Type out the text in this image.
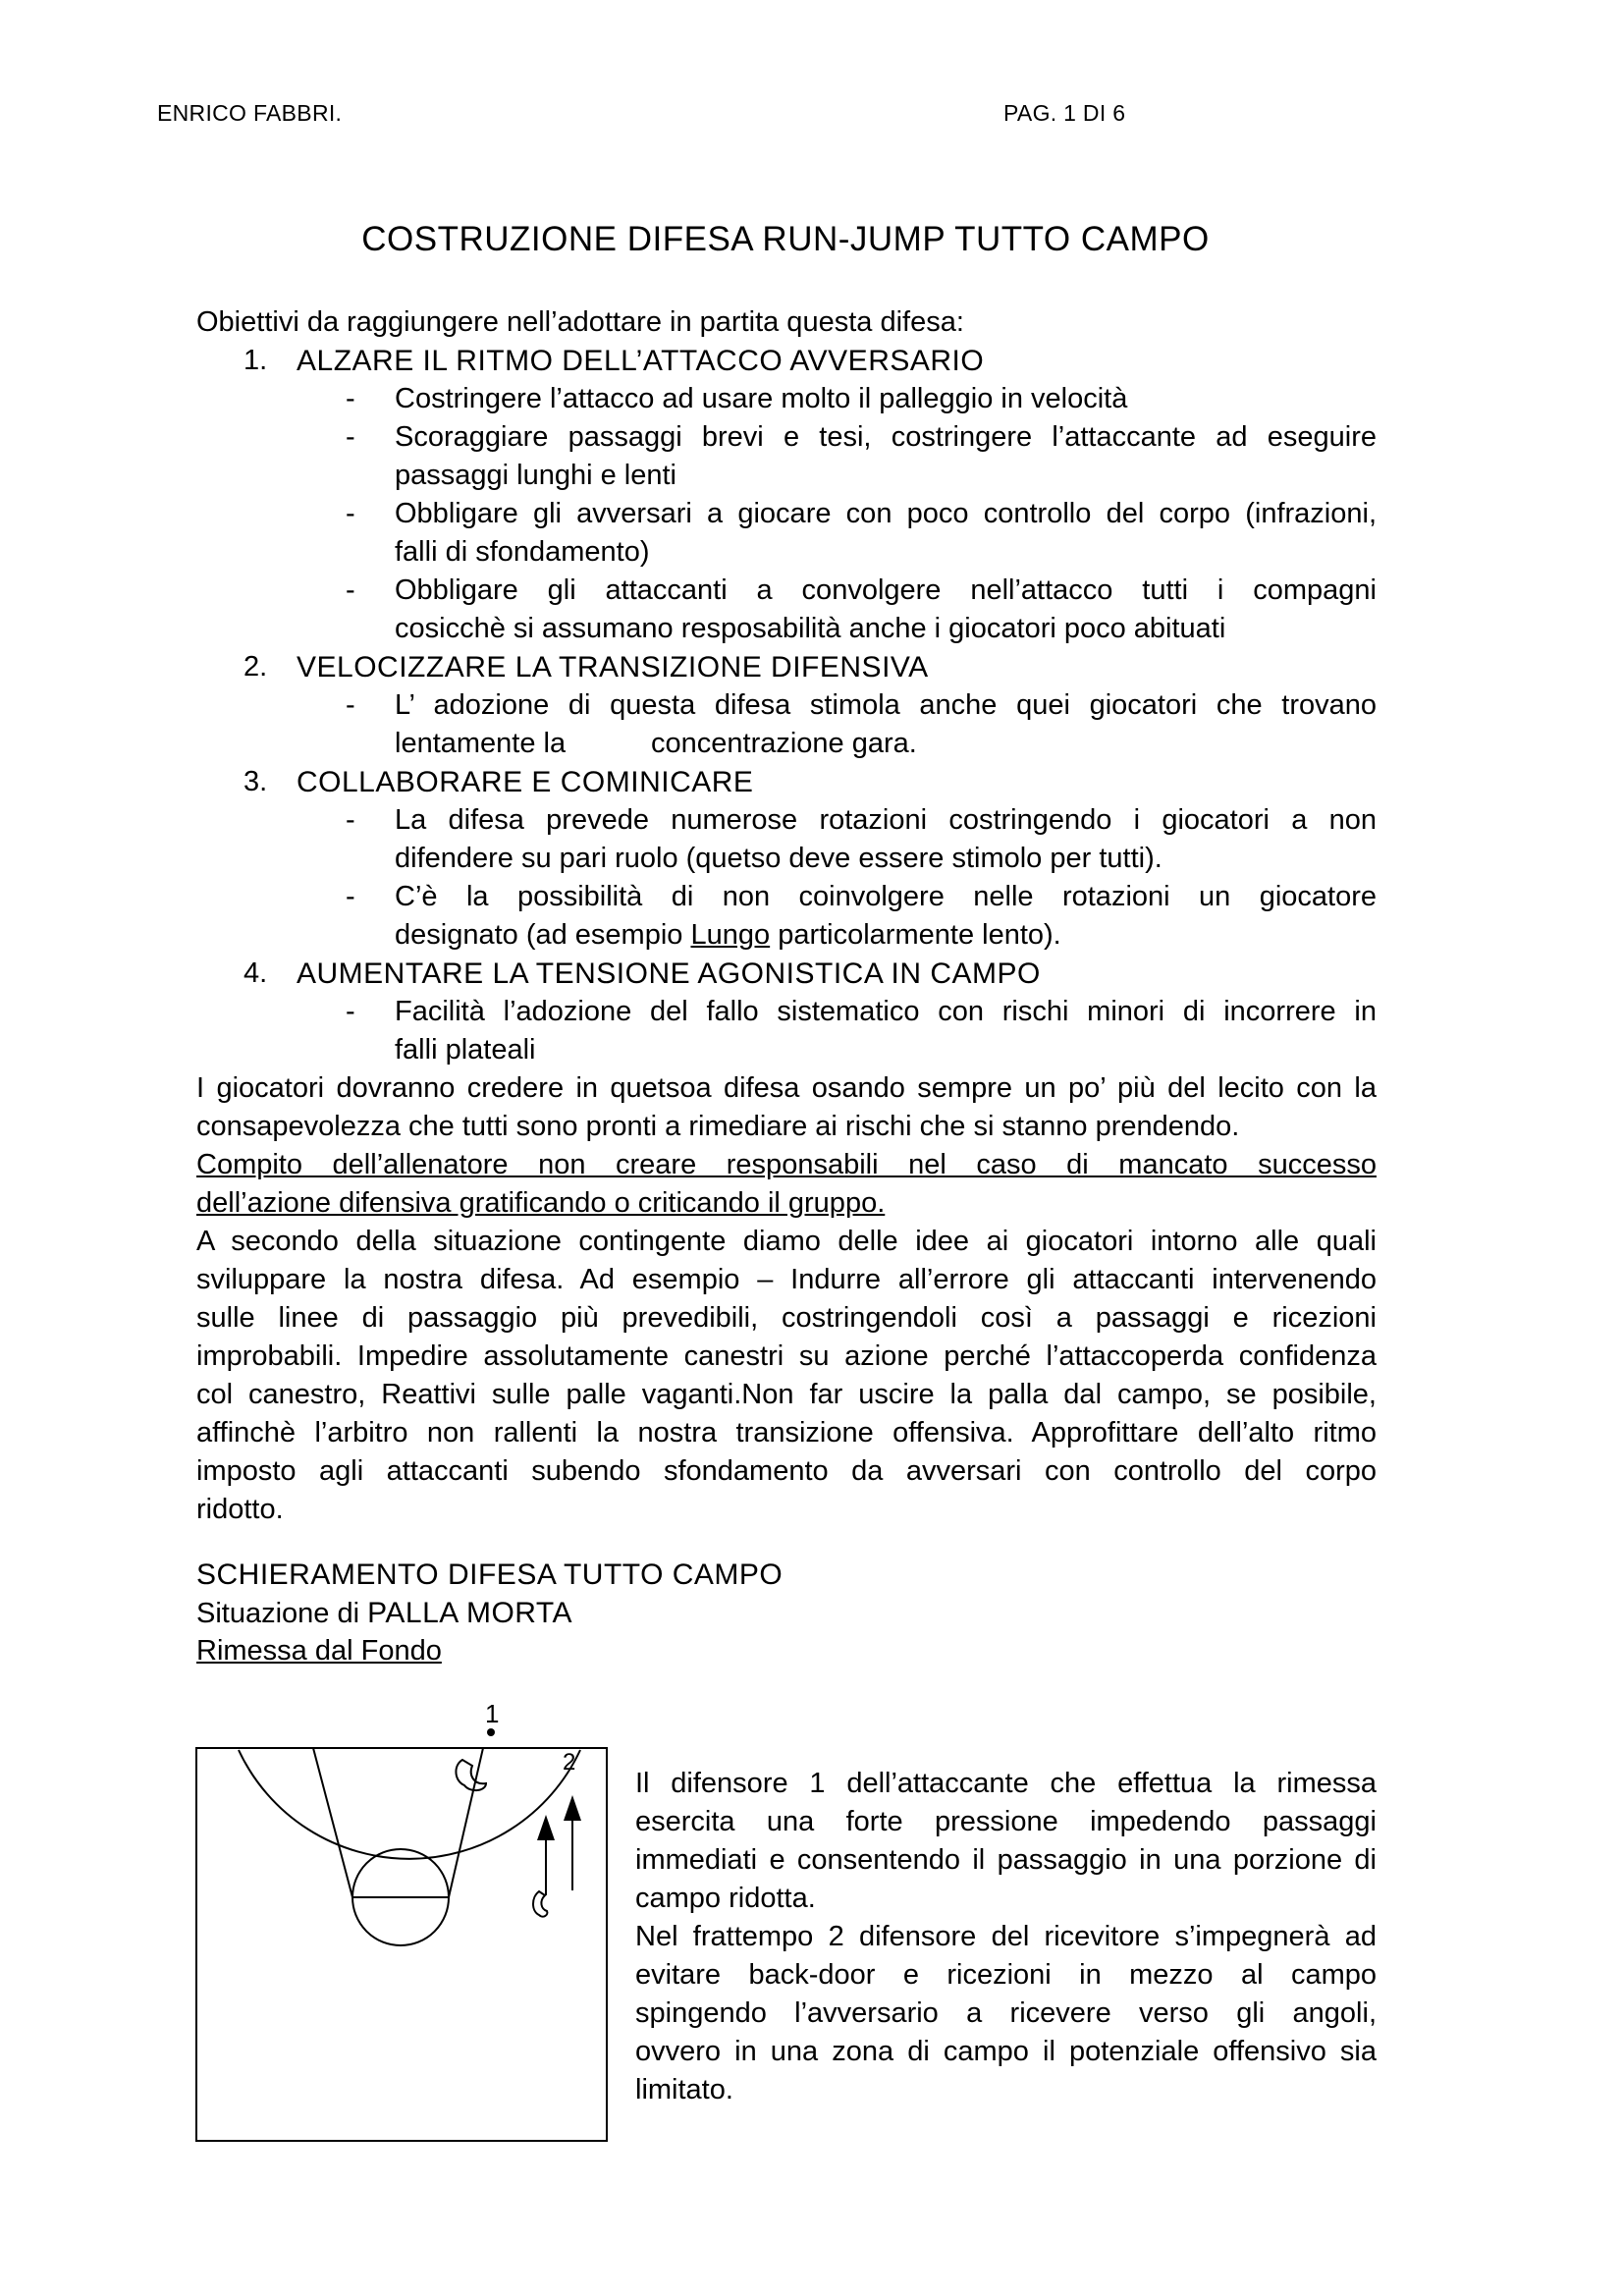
ENRICO FABBRI.	PAG. 1 DI 6
COSTRUZIONE DIFESA RUN-JUMP TUTTO CAMPO
Obiettivi da raggiungere nell’adottare in partita questa difesa:
1. ALZARE IL RITMO DELL’ATTACCO AVVERSARIO
- Costringere l’attacco ad usare molto il palleggio in velocità
- Scoraggiare passaggi brevi e tesi, costringere l’attaccante ad eseguire
passaggi lunghi e lenti
- Obbligare gli avversari a giocare con poco controllo del corpo (infrazioni,
falli di sfondamento)
- Obbligare gli attaccanti a convolgere nell’attacco tutti i compagni
cosicchè si assumano resposabilità anche i giocatori poco abituati
2. VELOCIZZARE LA TRANSIZIONE DIFENSIVA
- L’ adozione di questa difesa stimola anche quei giocatori che trovano
lentamente la	concentrazione gara.
3. COLLABORARE E COMINICARE
- La difesa prevede numerose rotazioni costringendo i giocatori a non
difendere su pari ruolo (quetso deve essere stimolo per tutti).
- C’è la possibilità di non coinvolgere nelle rotazioni un giocatore
designato (ad esempio Lungo particolarmente lento).
4. AUMENTARE LA TENSIONE AGONISTICA IN CAMPO
- Facilità l’adozione del fallo sistematico con rischi minori di incorrere in
falli plateali
I giocatori dovranno credere in quetsoa difesa osando sempre un po’ più del lecito con la
consapevolezza che tutti sono pronti a rimediare ai rischi che si stanno prendendo.
Compito dell’allenatore non creare responsabili nel caso di mancato successo
dell’azione difensiva gratificando o criticando il gruppo.
A secondo della situazione contingente diamo delle idee ai giocatori intorno alle quali
sviluppare la nostra difesa. Ad esempio – Indurre all’errore gli attaccanti intervenendo
sulle linee di passaggio più prevedibili, costringendoli così a passaggi e ricezioni
improbabili. Impedire assolutamente canestri su azione perché l’attaccoperda confidenza
col canestro, Reattivi sulle palle vaganti.Non far uscire la palla dal campo, se posibile,
affinchè l’arbitro non rallenti la nostra transizione offensiva. Approfittare dell’alto ritmo
imposto agli attaccanti subendo sfondamento da avversari con controllo del corpo
ridotto.
SCHIERAMENTO DIFESA TUTTO CAMPO
Situazione di PALLA MORTA
Rimessa dal Fondo
1
2
Il difensore 1 dell’attaccante che effettua la rimessa
esercita una forte pressione impedendo passaggi
immediati e consentendo il passaggio in una porzione di
campo ridotta.
Nel frattempo 2 difensore del ricevitore s’impegnerà ad
evitare back-door e ricezioni in mezzo al campo
spingendo l’avversario a ricevere verso gli angoli,
ovvero in una zona di campo il potenziale offensivo sia
limitato.
